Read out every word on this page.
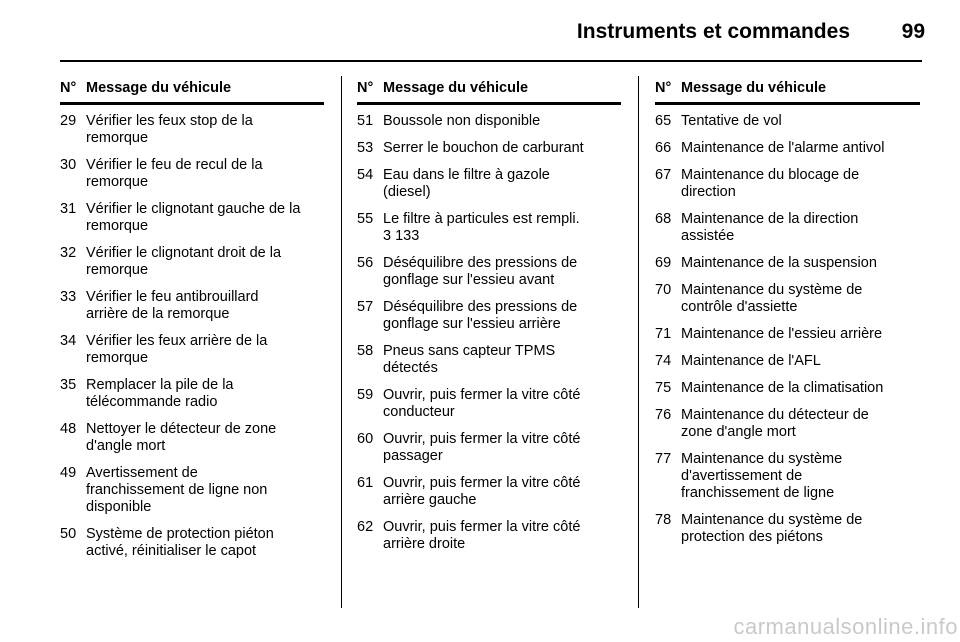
Instruments et commandes	99
N° Message du véhicule
29 Vérifier les feux stop de la
remorque
30 Vérifier le feu de recul de la
remorque
31 Vérifier le clignotant gauche de la
remorque
32 Vérifier le clignotant droit de la
remorque
33 Vérifier le feu antibrouillard
arrière de la remorque
34 Vérifier les feux arrière de la
remorque
35 Remplacer la pile de la
télécommande radio
48 Nettoyer le détecteur de zone
d'angle mort
49 Avertissement de
franchissement de ligne non
disponible
50 Système de protection piéton
activé, réinitialiser le capot
N° Message du véhicule
51 Boussole non disponible
53 Serrer le bouchon de carburant
54 Eau dans le filtre à gazole
(diesel)
55 Le filtre à particules est rempli.
3 133
56 Déséquilibre des pressions de
gonflage sur l'essieu avant
57 Déséquilibre des pressions de
gonflage sur l'essieu arrière
58 Pneus sans capteur TPMS
détectés
59 Ouvrir, puis fermer la vitre côté
conducteur
60 Ouvrir, puis fermer la vitre côté
passager
61 Ouvrir, puis fermer la vitre côté
arrière gauche
62 Ouvrir, puis fermer la vitre côté
arrière droite
N° Message du véhicule
65 Tentative de vol
66 Maintenance de l'alarme antivol
67 Maintenance du blocage de
direction
68 Maintenance de la direction
assistée
69 Maintenance de la suspension
70 Maintenance du système de
contrôle d'assiette
71 Maintenance de l'essieu arrière
74 Maintenance de l'AFL
75 Maintenance de la climatisation
76 Maintenance du détecteur de
zone d'angle mort
77 Maintenance du système
d'avertissement de
franchissement de ligne
78 Maintenance du système de
protection des piétons
carmanualsonline.info
